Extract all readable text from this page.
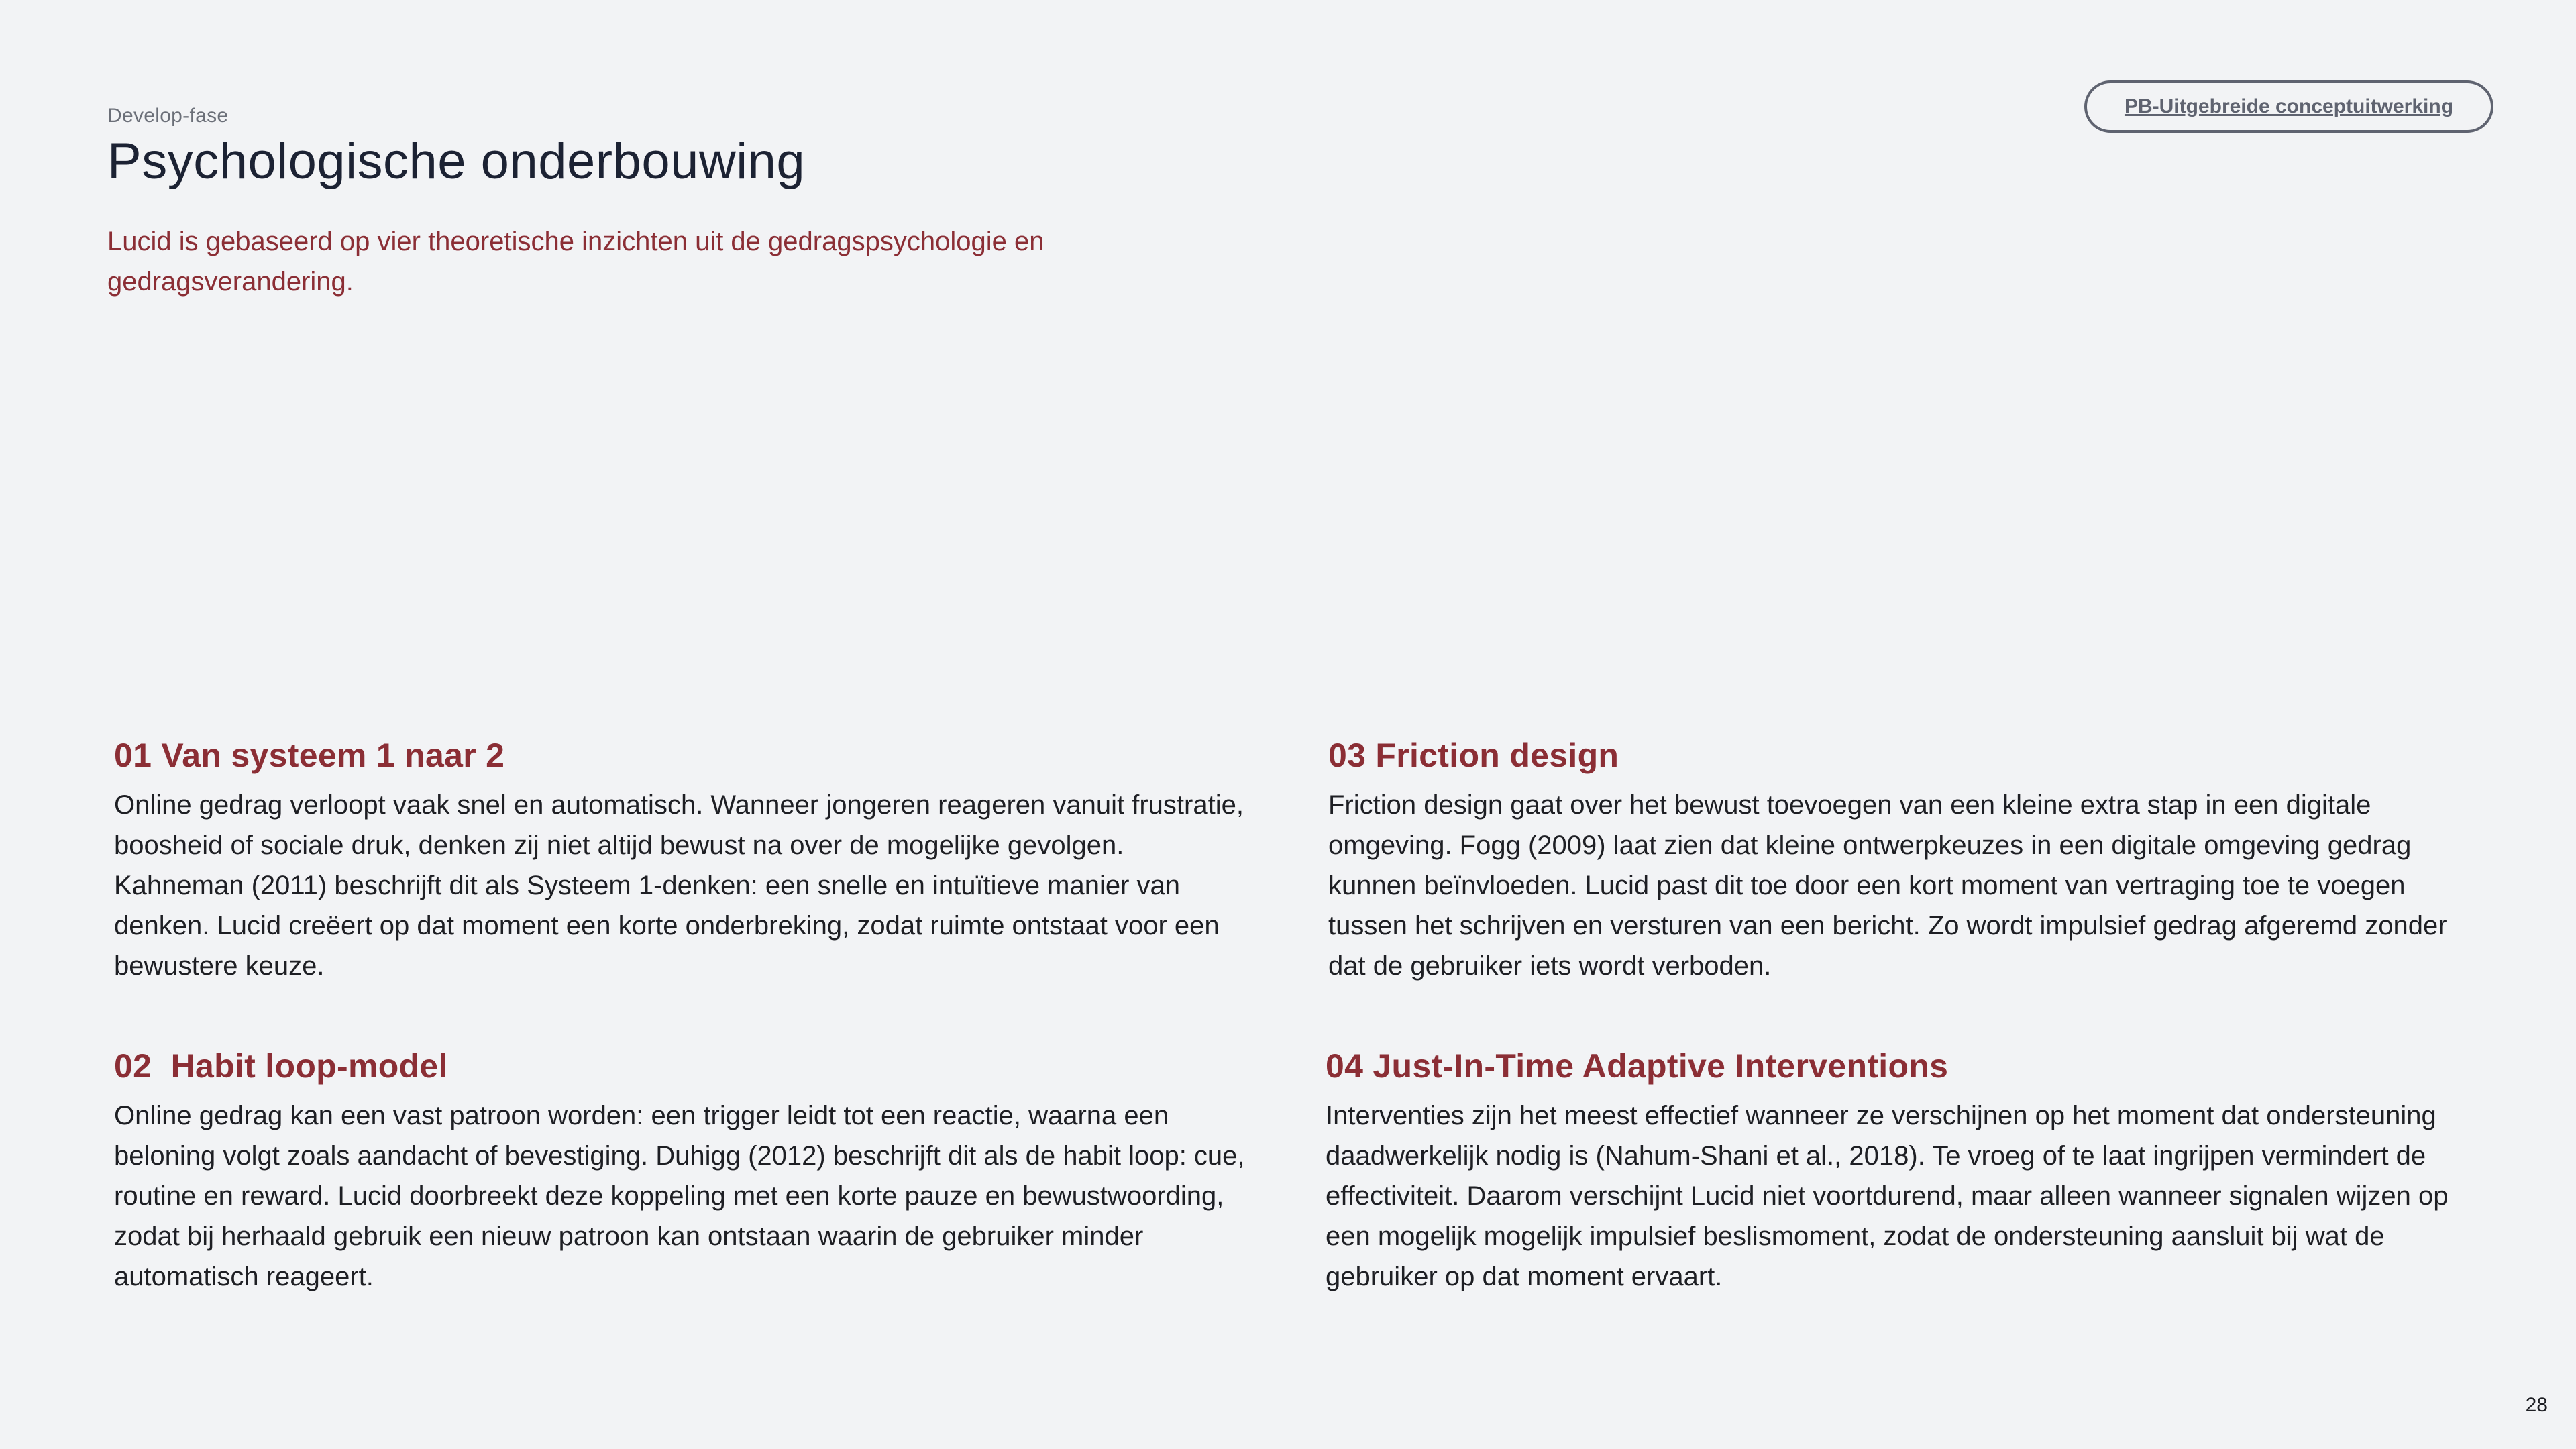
Develop-fase
Psychologische onderbouwing
Lucid is gebaseerd op vier theoretische inzichten uit de gedragspsychologie en gedragsverandering.
PB-Uitgebreide conceptuitwerking
01 Van systeem 1 naar 2

Online gedrag verloopt vaak snel en automatisch. Wanneer jongeren reageren vanuit frustratie, boosheid of sociale druk, denken zij niet altijd bewust na over de mogelijke gevolgen. Kahneman (2011) beschrijft dit als Systeem 1-denken: een snelle en intuïtieve manier van denken. Lucid creëert op dat moment een korte onderbreking, zodat ruimte ontstaat voor een bewustere keuze.

03 Friction design

Friction design gaat over het bewust toevoegen van een kleine extra stap in een digitale omgeving. Fogg (2009) laat zien dat kleine ontwerpkeuzes in een digitale omgeving gedrag kunnen beïnvloeden. Lucid past dit toe door een kort moment van vertraging toe te voegen tussen het schrijven en versturen van een bericht. Zo wordt impulsief gedrag afgeremd zonder dat de gebruiker iets wordt verboden.

02  Habit loop-model

Online gedrag kan een vast patroon worden: een trigger leidt tot een reactie, waarna een beloning volgt zoals aandacht of bevestiging. Duhigg (2012) beschrijft dit als de habit loop: cue, routine en reward. Lucid doorbreekt deze koppeling met een korte pauze en bewustwoording, zodat bij herhaald gebruik een nieuw patroon kan ontstaan waarin de gebruiker minder automatisch reageert.

04 Just-In-Time Adaptive Interventions

Interventies zijn het meest effectief wanneer ze verschijnen op het moment dat ondersteuning daadwerkelijk nodig is (Nahum-Shani et al., 2018). Te vroeg of te laat ingrijpen vermindert de effectiviteit. Daarom verschijnt Lucid niet voortdurend, maar alleen wanneer signalen wijzen op een mogelijk mogelijk impulsief beslismoment, zodat de ondersteuning aansluit bij wat de gebruiker op dat moment ervaart.

28
